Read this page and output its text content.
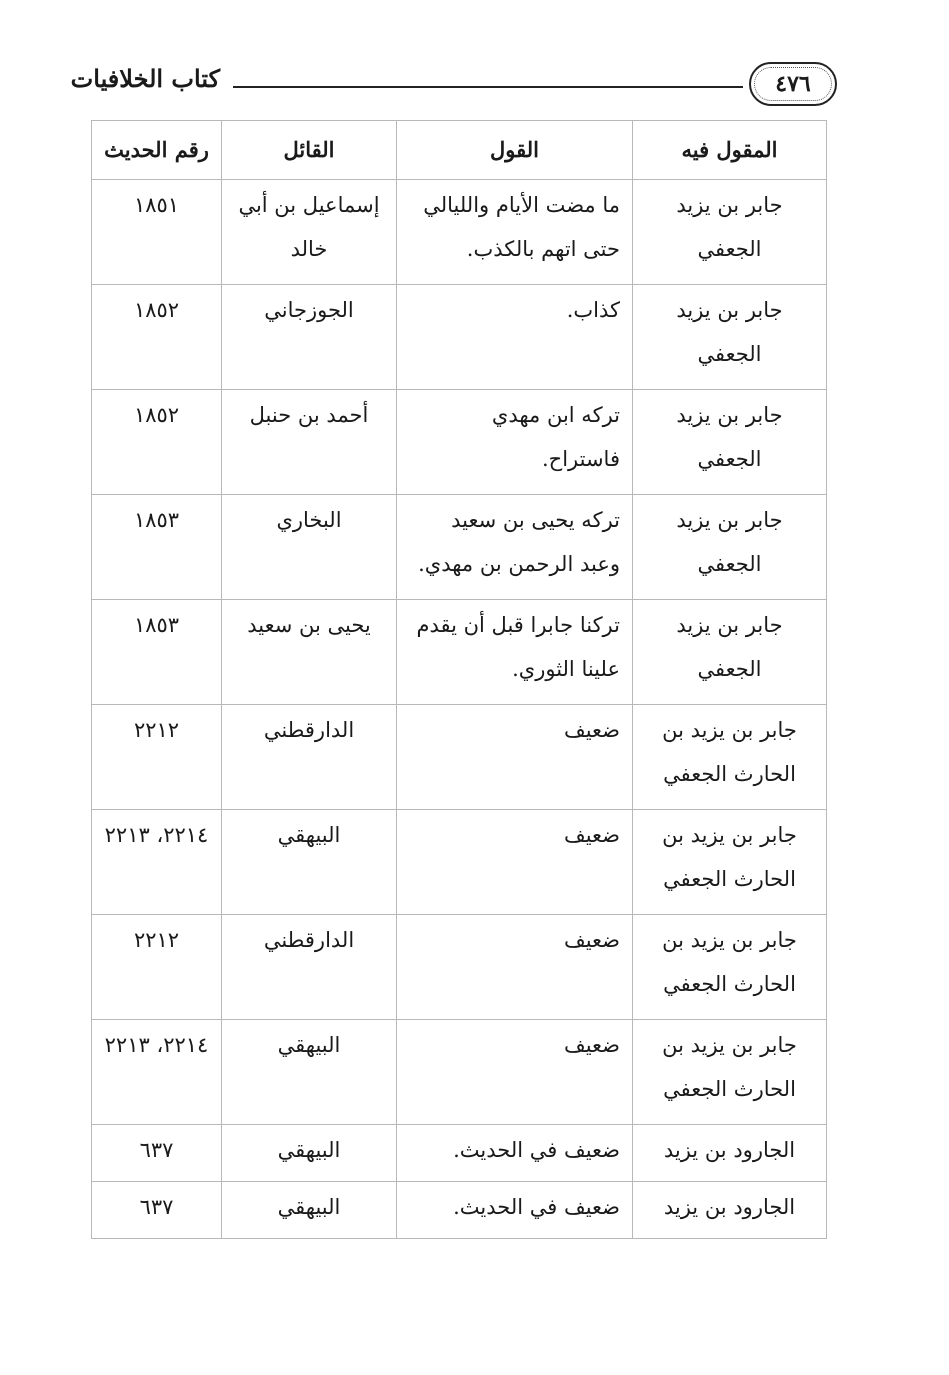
٤٧٦
كتاب الخلافيات
المقول فيه	القول	القائل	رقم الحديث
جابر بن يزيد الجعفي	ما مضت الأيام والليالي حتى اتهم بالكذب.	إسماعيل بن أبي خالد	١٨٥١
جابر بن يزيد الجعفي	كذاب.	الجوزجاني	١٨٥٢
جابر بن يزيد الجعفي	تركه ابن مهدي فاستراح.	أحمد بن حنبل	١٨٥٢
جابر بن يزيد الجعفي	تركه يحيى بن سعيد وعبد الرحمن بن مهدي.	البخاري	١٨٥٣
جابر بن يزيد الجعفي	تركنا جابرا قبل أن يقدم علينا الثوري.	يحيى بن سعيد	١٨٥٣
جابر بن يزيد بن الحارث الجعفي	ضعيف	الدارقطني	٢٢١٢
جابر بن يزيد بن الحارث الجعفي	ضعيف	البيهقي	٢٢١٤، ٢٢١٣
جابر بن يزيد بن الحارث الجعفي	ضعيف	الدارقطني	٢٢١٢
جابر بن يزيد بن الحارث الجعفي	ضعيف	البيهقي	٢٢١٤، ٢٢١٣
الجارود بن يزيد	ضعيف في الحديث.	البيهقي	٦٣٧
الجارود بن يزيد	ضعيف في الحديث.	البيهقي	٦٣٧
